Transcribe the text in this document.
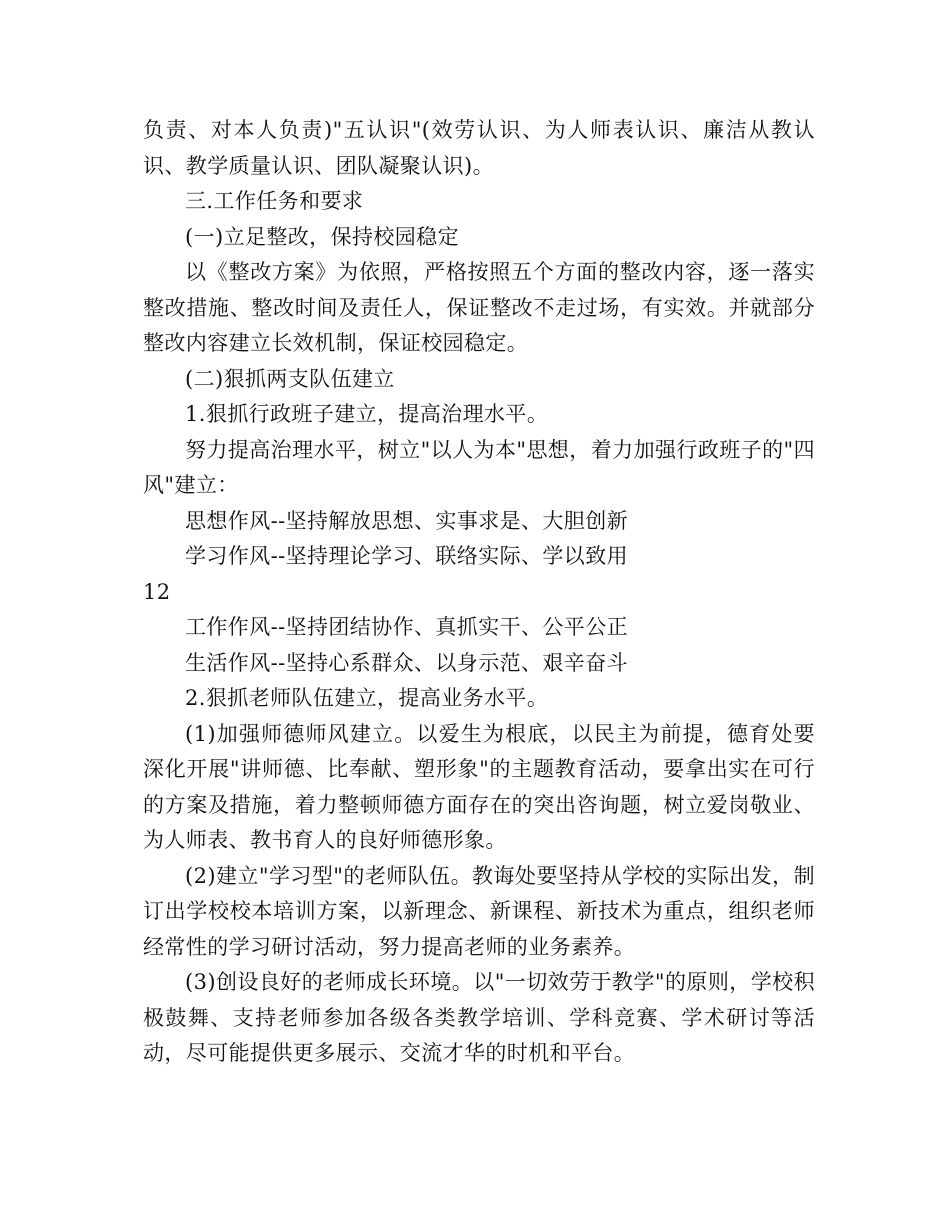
负责、对本人负责)"五认识"(效劳认识、为人师表认识、廉洁从教认识、教学质量认识、团队凝聚认识)。

三.工作任务和要求

(一)立足整改，保持校园稳定

以《整改方案》为依照，严格按照五个方面的整改内容，逐一落实整改措施、整改时间及责任人，保证整改不走过场，有实效。并就部分整改内容建立长效机制，保证校园稳定。

(二)狠抓两支队伍建立

1.狠抓行政班子建立，提高治理水平。

努力提高治理水平，树立"以人为本"思想，着力加强行政班子的"四风"建立：

思想作风--坚持解放思想、实事求是、大胆创新

学习作风--坚持理论学习、联络实际、学以致用

12

工作作风--坚持团结协作、真抓实干、公平公正

生活作风--坚持心系群众、以身示范、艰辛奋斗

2.狠抓老师队伍建立，提高业务水平。

(1)加强师德师风建立。以爱生为根底，以民主为前提，德育处要深化开展"讲师德、比奉献、塑形象"的主题教育活动，要拿出实在可行的方案及措施，着力整顿师德方面存在的突出咨询题，树立爱岗敬业、为人师表、教书育人的良好师德形象。

(2)建立"学习型"的老师队伍。教诲处要坚持从学校的实际出发，制订出学校校本培训方案，以新理念、新课程、新技术为重点，组织老师经常性的学习研讨活动，努力提高老师的业务素养。

(3)创设良好的老师成长环境。以"一切效劳于教学"的原则，学校积极鼓舞、支持老师参加各级各类教学培训、学科竞赛、学术研讨等活动，尽可能提供更多展示、交流才华的时机和平台。
